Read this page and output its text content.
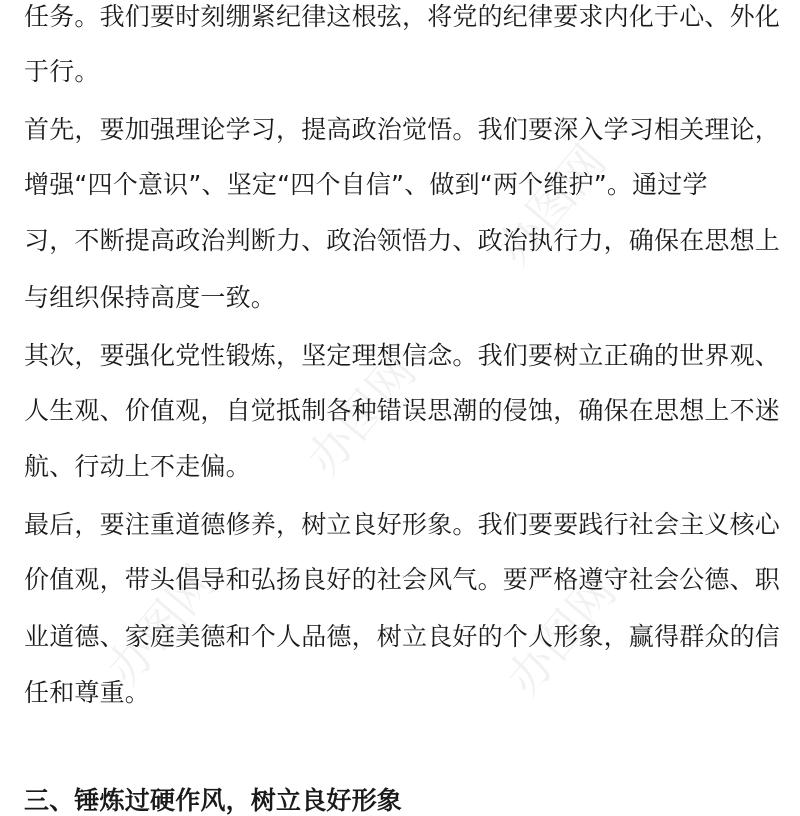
办图网
办图网
办图网	办图网
任务。我们要时刻绷紧纪律这根弦，将党的纪律要求内化于心、外化
于行。
首先，要加强理论学习，提高政治觉悟。我们要深入学习相关理论，
增强“四个意识”、坚定“四个自信”、做到“两个维护”。通过学
习，不断提高政治判断力、政治领悟力、政治执行力，确保在思想上
与组织保持高度一致。
其次，要强化党性锻炼，坚定理想信念。我们要树立正确的世界观、
人生观、价值观，自觉抵制各种错误思潮的侵蚀，确保在思想上不迷
航、行动上不走偏。
最后，要注重道德修养，树立良好形象。我们要要践行社会主义核心
价值观，带头倡导和弘扬良好的社会风气。要严格遵守社会公德、职
业道德、家庭美德和个人品德，树立良好的个人形象，赢得群众的信
任和尊重。
三、锤炼过硬作风，树立良好形象
